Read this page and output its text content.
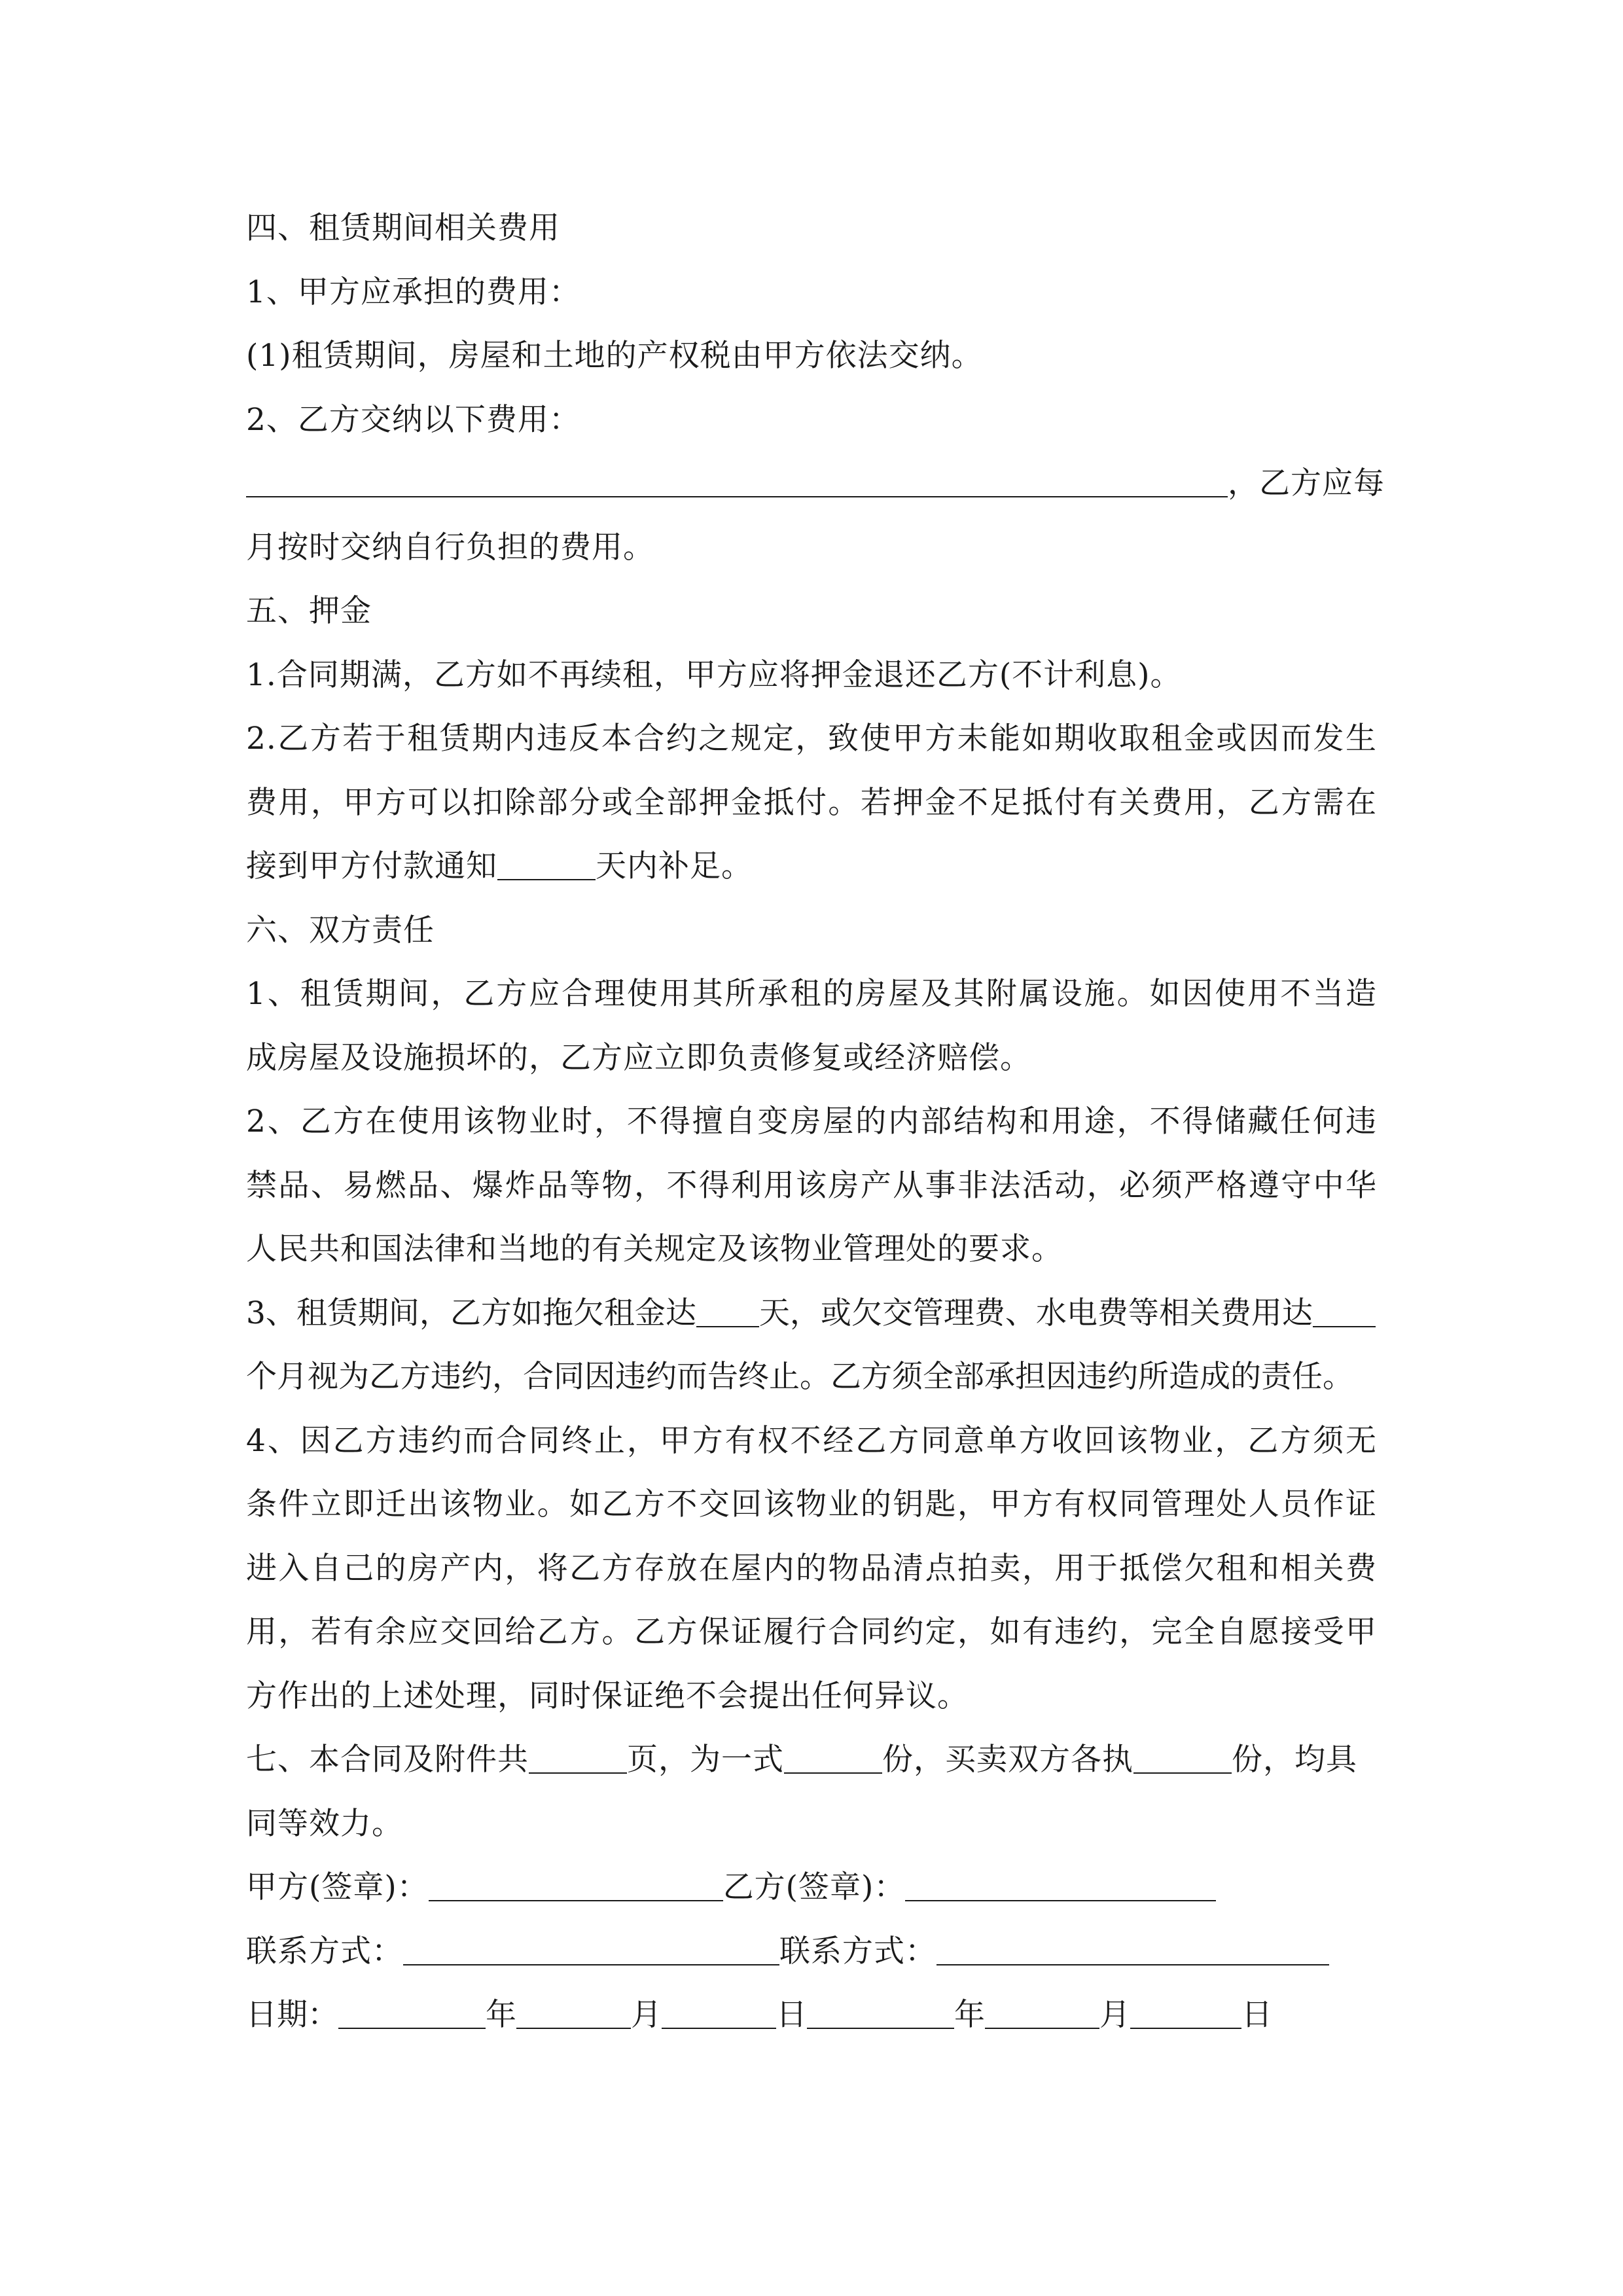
四、租赁期间相关费用
1、甲方应承担的费用：
(1)租赁期间，房屋和土地的产权税由甲方依法交纳。
2、乙方交纳以下费用：
，乙方应每
月按时交纳自行负担的费用。
五、押金
1.合同期满，乙方如不再续租，甲方应将押金退还乙方(不计利息)。
2.乙方若于租赁期内违反本合约之规定，致使甲方未能如期收取租金或因而发生
费用，甲方可以扣除部分或全部押金抵付。若押金不足抵付有关费用，乙方需在
接到甲方付款通知	天内补足。
六、双方责任
1、租赁期间，乙方应合理使用其所承租的房屋及其附属设施。如因使用不当造
成房屋及设施损坏的，乙方应立即负责修复或经济赔偿。
2、乙方在使用该物业时，不得擅自变房屋的内部结构和用途，不得储藏任何违
禁品、易燃品、爆炸品等物，不得利用该房产从事非法活动，必须严格遵守中华
人民共和国法律和当地的有关规定及该物业管理处的要求。
3、租赁期间，乙方如拖欠租金达 天，或欠交管理费、水电费等相关费用达
个月视为乙方违约，合同因违约而告终止。乙方须全部承担因违约所造成的责任。
4、因乙方违约而合同终止，甲方有权不经乙方同意单方收回该物业，乙方须无
条件立即迁出该物业。如乙方不交回该物业的钥匙，甲方有权同管理处人员作证
进入自己的房产内，将乙方存放在屋内的物品清点拍卖，用于抵偿欠租和相关费
用，若有余应交回给乙方。乙方保证履行合同约定，如有违约，完全自愿接受甲
方作出的上述处理，同时保证绝不会提出任何异议。
七、本合同及附件共	页，为一式	份，买卖双方各执	份，均具
同等效力。
甲方(签章)：	乙方(签章)：
联系方式：	联系方式：
日期：	年	月	日	年	月	日
